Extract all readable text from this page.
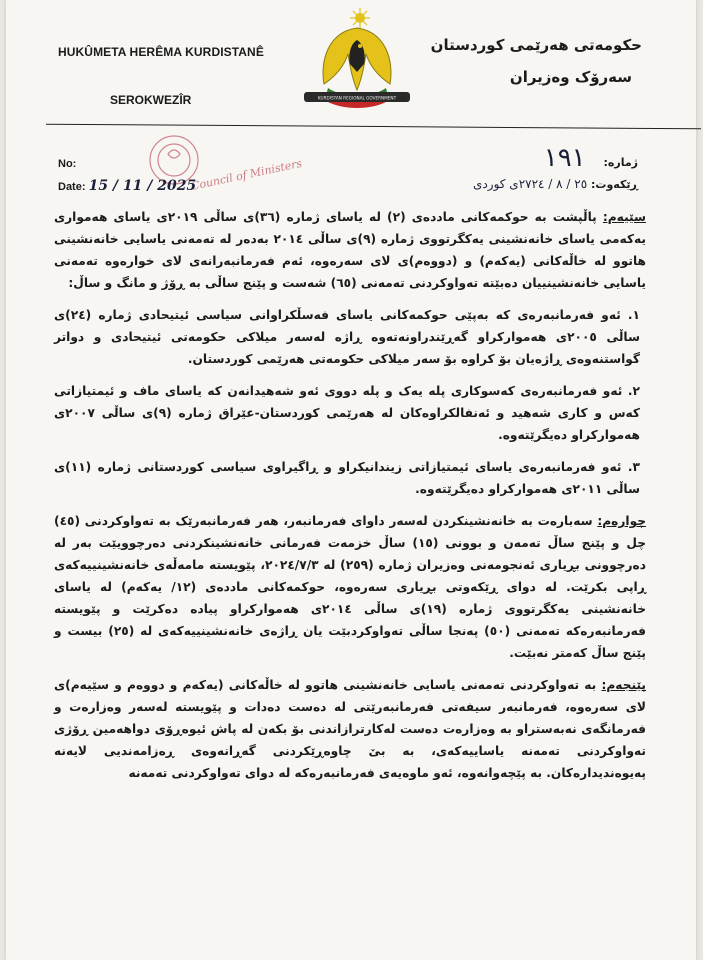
HUKÛMETA HERÊMA KURDISTANÊ
SEROKWEZÎR	KURDISTAN REGIONAL GOVERNMENT
حکومەتی هەرێمی کوردستان
سەرۆک وەزیران
Council of Ministers
No:
Date: 15 / 11 / 2025
ژمارە: ١٩١
ڕێکەوت: ٢٥ / ٨ / ٢٧٢٤ی کوردی

سێیەم: پاڵپشت بە حوکمەکانی ماددەی (٢) لە یاسای ژمارە (٣٦)ی ساڵی ٢٠١٩ی یاسای هەمواری یەکەمی یاسای خانەنشینی یەکگرتووی ژمارە (٩)ی ساڵی ٢٠١٤ بەدەر لە تەمەنی یاسایی خانەنشینی هاتوو لە خاڵەکانی (یەکەم) و (دووەم)ی لای سەرەوە، ئەم فەرمانبەرانەی لای خوارەوە تەمەنی یاسایی خانەنشینییان دەبێتە تەواوکردنی تەمەنی (٦٥) شەست و پێنج ساڵی بە ڕۆژ و مانگ و ساڵ:

١. ئەو فەرمانبەرەی کە بەپێی حوکمەکانی یاسای فەسڵکراوانی سیاسی ئیتیحادی ژمارە (٢٤)ی ساڵی ٢٠٠٥ی هەموارکراو گەڕێندراونەتەوە ڕاژە لەسەر میلاکی حکومەتی ئیتیحادی و دواتر گواستنەوەی ڕاژەیان بۆ کراوە بۆ سەر میلاکی حکومەتی هەرێمی کوردستان.

٢. ئەو فەرمانبەرەی کەسوکاری پلە یەک و پلە دووی ئەو شەهیدانەن کە یاسای ماف و ئیمتیازاتی کەس و کاری شەهید و ئەنفالکراوەکان لە هەرێمی کوردستان-عێراق ژمارە (٩)ی ساڵی ٢٠٠٧ی هەموارکراو دەیگرێتەوە.

٣. ئەو فەرمانبەرەی یاسای ئیمتیازاتی زیندانیکراو و ڕاگیراوی سیاسی کوردستانی ژمارە (١١)ی ساڵی ٢٠١١ی هەموارکراو دەیگرێتەوە.

چوارەم: سەبارەت بە خانەنشینکردن لەسەر داوای فەرمانبەر، هەر فەرمانبەرێک بە تەواوکردنی (٤٥) چل و پێنج ساڵ تەمەن و بوونی (١٥) ساڵ خزمەت فەرمانی خانەنشینکردنی دەرچوویێت بەر لە دەرچوونی بڕیاری ئەنجومەنی وەزیران ژمارە (٢٥٩) لە ٢٠٢٤/٧/٣، پێویستە مامەڵەی خانەنشینییەکەی ڕاپی بکرێت. لە دوای ڕێکەوتی بڕیاری سەرەوە، حوکمەکانی ماددەی (١٢/ یەکەم) لە یاسای خانەنشینی یەکگرتووی ژمارە (١٩)ی ساڵی ٢٠١٤ی هەموارکراو پیادە دەکرێت و پێویستە فەرمانبەرەکە تەمەنی (٥٠) پەنجا ساڵی تەواوکردبێت یان ڕاژەی خانەنشینییەکەی لە (٢٥) بیست و پێنج ساڵ کەمتر نەبێت.

پێنجەم: بە تەواوکردنی تەمەنی یاسایی خانەنشینی هاتوو لە خاڵەکانی (یەکەم و دووەم و سێیەم)ی لای سەرەوە، فەرمانبەر سیفەتی فەرمانبەرێتی لە دەست دەدات و پێویستە لەسەر وەزارەت و فەرمانگەی نەبەستراو بە وەزارەت دەست لەکارترازاندنی بۆ بکەن لە پاش ئیوەڕۆی دواهەمین ڕۆژی تەواوکردنی تەمەنە یاساییەکەی، بە بێ چاوەڕێکردنی گەڕانەوەی ڕەزامەندیی لایەنە پەیوەندیدارەکان. بە پێچەوانەوە، ئەو ماوەیەی فەرمانبەرەکە لە دوای تەواوکردنی تەمەنە
